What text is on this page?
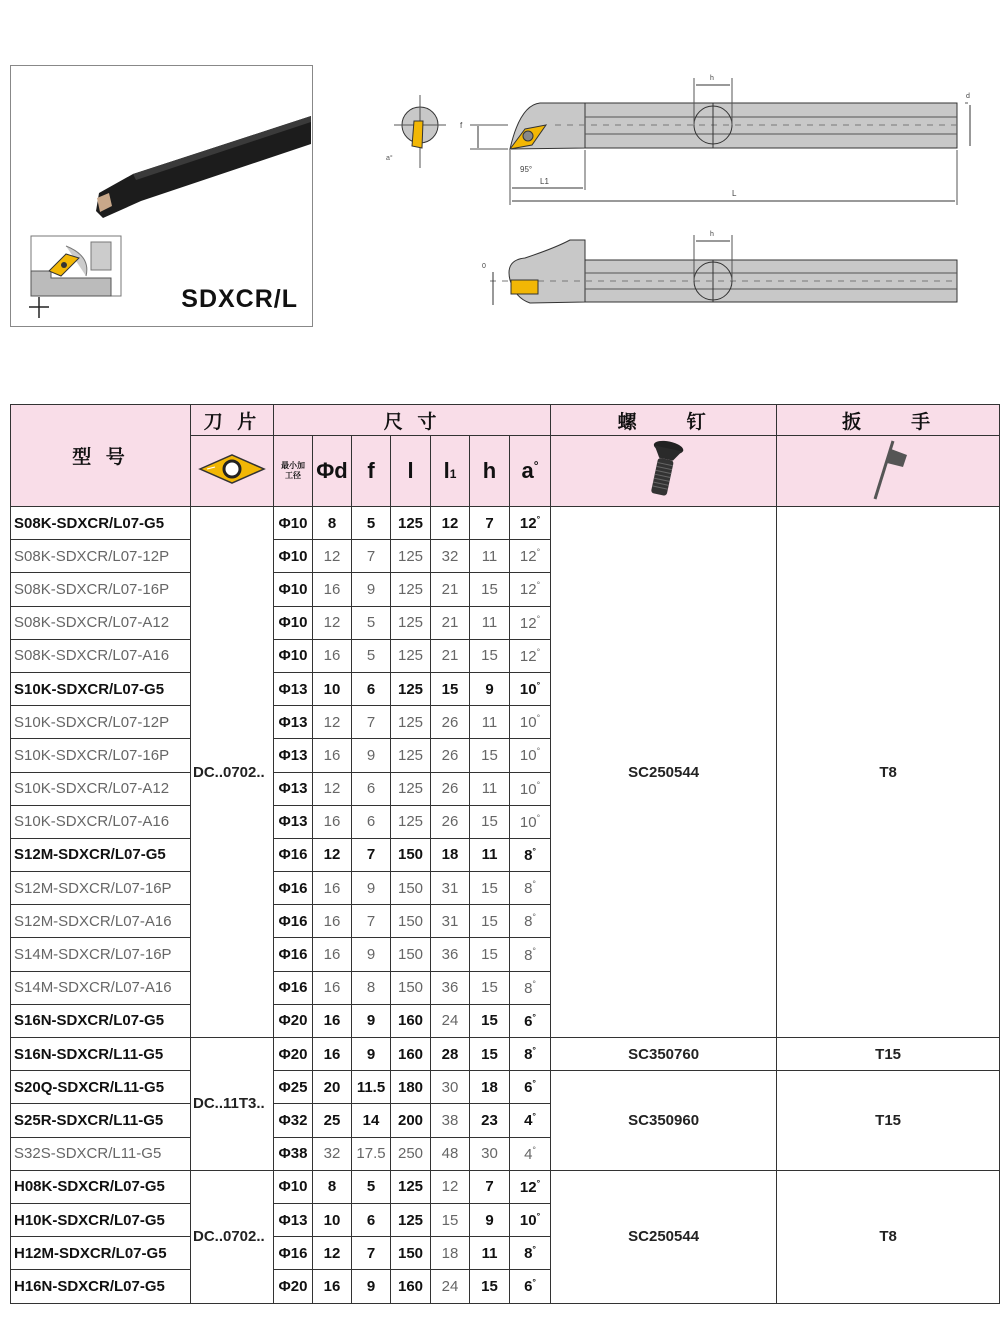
SDXCR/L
a°
h
f
d
95°
L1
L
h
0
型 号	刀 片	尺 寸							螺　　钉	扳　　手

最小加
工径	Φd	f	l	l1	h	a°		
S08K-SDXCR/L07-G5	DC..0702..	Φ10	8	5	125	12	7	12°	SC250544	T8
S08K-SDXCR/L07-12P		Φ10	12	7	125	32	11	12°
S08K-SDXCR/L07-16P		Φ10	16	9	125	21	15	12°
S08K-SDXCR/L07-A12		Φ10	12	5	125	21	11	12°
S08K-SDXCR/L07-A16		Φ10	16	5	125	21	15	12°
S10K-SDXCR/L07-G5		Φ13	10	6	125	15	9	10°
S10K-SDXCR/L07-12P		Φ13	12	7	125	26	11	10°
S10K-SDXCR/L07-16P		Φ13	16	9	125	26	15	10°
S10K-SDXCR/L07-A12		Φ13	12	6	125	26	11	10°
S10K-SDXCR/L07-A16		Φ13	16	6	125	26	15	10°
S12M-SDXCR/L07-G5		Φ16	12	7	150	18	11	8°
S12M-SDXCR/L07-16P		Φ16	16	9	150	31	15	8°
S12M-SDXCR/L07-A16		Φ16	16	7	150	31	15	8°
S14M-SDXCR/L07-16P		Φ16	16	9	150	36	15	8°
S14M-SDXCR/L07-A16		Φ16	16	8	150	36	15	8°
S16N-SDXCR/L07-G5		Φ20	16	9	160	24	15	6°
S16N-SDXCR/L11-G5	DC..11T3..	Φ20	16	9	160	28	15	8°	SC350760	T15
S20Q-SDXCR/L11-G5		Φ25	20	11.5	180	30	18	6°	SC350960	T15
S25R-SDXCR/L11-G5		Φ32	25	14	200	38	23	4°
S32S-SDXCR/L11-G5		Φ38	32	17.5	250	48	30	4°
H08K-SDXCR/L07-G5	DC..0702..	Φ10	8	5	125	12	7	12°	SC250544	T8
H10K-SDXCR/L07-G5		Φ13	10	6	125	15	9	10°
H12M-SDXCR/L07-G5		Φ16	12	7	150	18	11	8°
H16N-SDXCR/L07-G5		Φ20	16	9	160	24	15	6°
